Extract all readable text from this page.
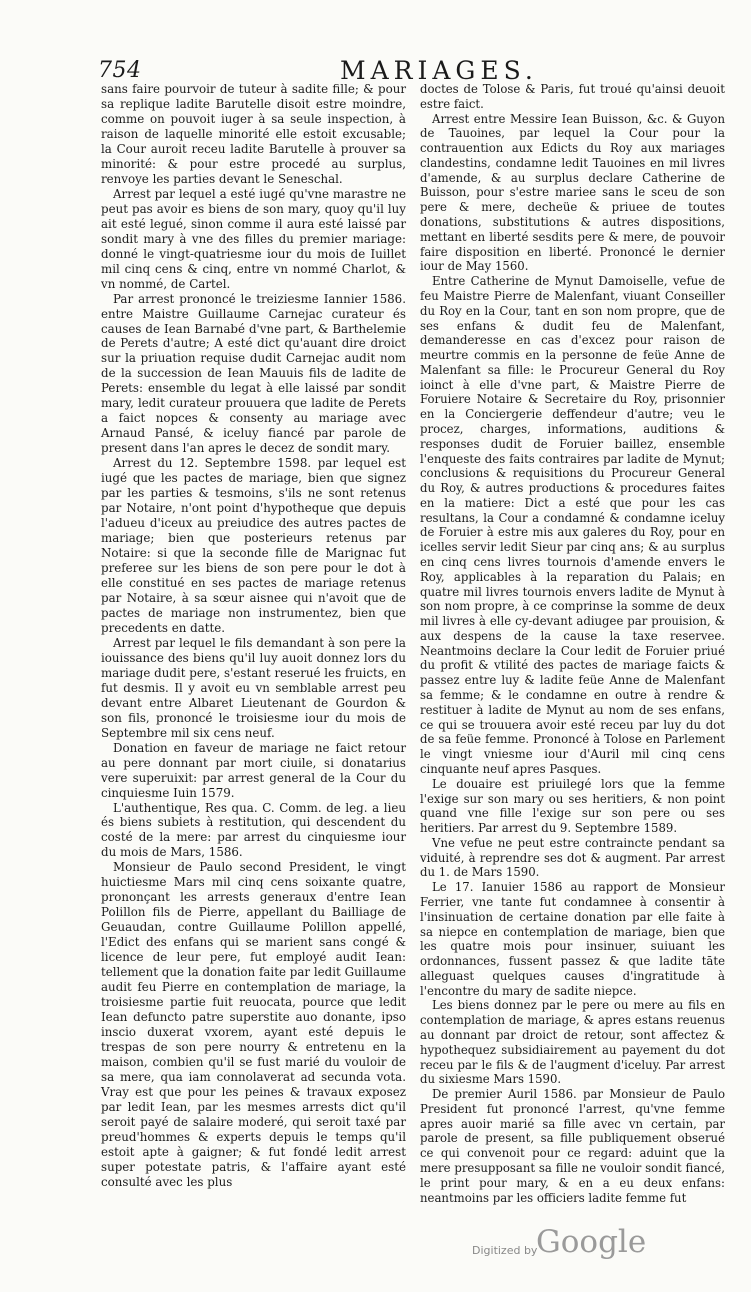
754	MARIAGES.

sans faire pourvoir de tuteur à sadite fille; & pour sa replique ladite Barutelle disoit estre moindre, comme on pouvoit iuger à sa seule inspection, à raison de laquelle minorité elle estoit excusable; la Cour auroit receu ladite Barutelle à prouver sa minorité: & pour estre procedé au surplus, renvoye les parties devant le Seneschal.

Arrest par lequel a esté iugé qu'vne marastre ne peut pas avoir es biens de son mary, quoy qu'il luy ait esté legué, sinon comme il aura esté laissé par sondit mary à vne des filles du premier mariage: donné le vingt-quatriesme iour du mois de Iuillet mil cinq cens & cinq, entre vn nommé Charlot, & vn nommé, de Cartel.

Par arrest prononcé le treiziesme Iannier 1586. entre Maistre Guillaume Carnejac curateur és causes de Iean Barnabé d'vne part, & Barthelemie de Perets d'autre; A esté dict qu'auant dire droict sur la priuation requise dudit Carnejac audit nom de la succession de Iean Mauuis fils de ladite de Perets: ensemble du legat à elle laissé par sondit mary, ledit curateur prouuera que ladite de Perets a faict nopces & consenty au mariage avec Arnaud Pansé, & iceluy fiancé par parole de present dans l'an apres le decez de sondit mary.

Arrest du 12. Septembre 1598. par lequel est iugé que les pactes de mariage, bien que signez par les parties & tesmoins, s'ils ne sont retenus par Notaire, n'ont point d'hypotheque que depuis l'adueu d'iceux au preiudice des autres pactes de mariage; bien que posterieurs retenus par Notaire: si que la seconde fille de Marignac fut preferee sur les biens de son pere pour le dot à elle constitué en ses pactes de mariage retenus par Notaire, à sa sœur aisnee qui n'avoit que de pactes de mariage non instrumentez, bien que precedents en datte.

Arrest par lequel le fils demandant à son pere la iouissance des biens qu'il luy auoit donnez lors du mariage dudit pere, s'estant reserué les fruicts, en fut desmis. Il y avoit eu vn semblable arrest peu devant entre Albaret Lieutenant de Gourdon & son fils, prononcé le troisiesme iour du mois de Septembre mil six cens neuf.

Donation en faveur de mariage ne faict retour au pere donnant par mort ciuile, si donatarius vere superuixit: par arrest general de la Cour du cinquiesme Iuin 1579.

L'authentique, Res qua. C. Comm. de leg. a lieu és biens subiets à restitution, qui descendent du costé de la mere: par arrest du cinquiesme iour du mois de Mars, 1586.

Monsieur de Paulo second President, le vingt huictiesme Mars mil cinq cens soixante quatre, prononçant les arrests generaux d'entre Iean Polillon fils de Pierre, appellant du Bailliage de Geuaudan, contre Guillaume Polillon appellé, l'Edict des enfans qui se marient sans congé & licence de leur pere, fut employé audit Iean: tellement que la donation faite par ledit Guillaume audit feu Pierre en contemplation de mariage, la troisiesme partie fuit reuocata, pource que ledit Iean defuncto patre superstite auo donante, ipso inscio duxerat vxorem, ayant esté depuis le trespas de son pere nourry & entretenu en la maison, combien qu'il se fust marié du vouloir de sa mere, qua iam connolaverat ad secunda vota. Vray est que pour les peines & travaux exposez par ledit Iean, par les mesmes arrests dict qu'il seroit payé de salaire moderé, qui seroit taxé par preud'hommes & experts depuis le temps qu'il estoit apte à gaigner; & fut fondé ledit arrest super potestate patris, & l'affaire ayant esté consulté avec les plus

doctes de Tolose & Paris, fut troué qu'ainsi deuoit estre faict.

Arrest entre Messire Iean Buisson, &c. & Guyon de Tauoines, par lequel la Cour pour la contrauention aux Edicts du Roy aux mariages clandestins, condamne ledit Tauoines en mil livres d'amende, & au surplus declare Catherine de Buisson, pour s'estre mariee sans le sceu de son pere & mere, decheüe & priuee de toutes donations, substitutions & autres dispositions, mettant en liberté sesdits pere & mere, de pouvoir faire disposition en liberté. Prononcé le dernier iour de May 1560.

Entre Catherine de Mynut Damoiselle, vefue de feu Maistre Pierre de Malenfant, viuant Conseiller du Roy en la Cour, tant en son nom propre, que de ses enfans & dudit feu de Malenfant, demanderesse en cas d'excez pour raison de meurtre commis en la personne de feüe Anne de Malenfant sa fille: le Procureur General du Roy ioinct à elle d'vne part, & Maistre Pierre de Foruiere Notaire & Secretaire du Roy, prisonnier en la Conciergerie deffendeur d'autre; veu le procez, charges, informations, auditions & responses dudit de Foruier baillez, ensemble l'enqueste des faits contraires par ladite de Mynut; conclusions & requisitions du Procureur General du Roy, & autres productions & procedures faites en la matiere: Dict a esté que pour les cas resultans, la Cour a condamné & condamne iceluy de Foruier à estre mis aux galeres du Roy, pour en icelles servir ledit Sieur par cinq ans; & au surplus en cinq cens livres tournois d'amende envers le Roy, applicables à la reparation du Palais; en quatre mil livres tournois envers ladite de Mynut à son nom propre, à ce comprinse la somme de deux mil livres à elle cy-devant adiugee par prouision, & aux despens de la cause la taxe reservee. Neantmoins declare la Cour ledit de Foruier priué du profit & vtilité des pactes de mariage faicts & passez entre luy & ladite feüe Anne de Malenfant sa femme; & le condamne en outre à rendre & restituer à ladite de Mynut au nom de ses enfans, ce qui se trouuera avoir esté receu par luy du dot de sa feüe femme. Prononcé à Tolose en Parlement le vingt vniesme iour d'Auril mil cinq cens cinquante neuf apres Pasques.

Le douaire est priuilegé lors que la femme l'exige sur son mary ou ses heritiers, & non point quand vne fille l'exige sur son pere ou ses heritiers. Par arrest du 9. Septembre 1589.

Vne vefue ne peut estre contraincte pendant sa viduité, à reprendre ses dot & augment. Par arrest du 1. de Mars 1590.

Le 17. Ianuier 1586 au rapport de Monsieur Ferrier, vne tante fut condamnee à consentir à l'insinuation de certaine donation par elle faite à sa niepce en contemplation de mariage, bien que les quatre mois pour insinuer, suiuant les ordonnances, fussent passez & que ladite tāte alleguast quelques causes d'ingratitude à l'encontre du mary de sadite niepce.

Les biens donnez par le pere ou mere au fils en contemplation de mariage, & apres estans reuenus au donnant par droict de retour, sont affectez & hypothequez subsidiairement au payement du dot receu par le fils & de l'augment d'iceluy. Par arrest du sixiesme Mars 1590.

De premier Auril 1586. par Monsieur de Paulo President fut prononcé l'arrest, qu'vne femme apres auoir marié sa fille avec vn certain, par parole de present, sa fille publiquement obserué ce qui convenoit pour ce regard: aduint que la mere presupposant sa fille ne vouloir sondit fiancé, le print pour mary, & en a eu deux enfans: neantmoins par les officiers ladite femme fut

Digitized by
Google
